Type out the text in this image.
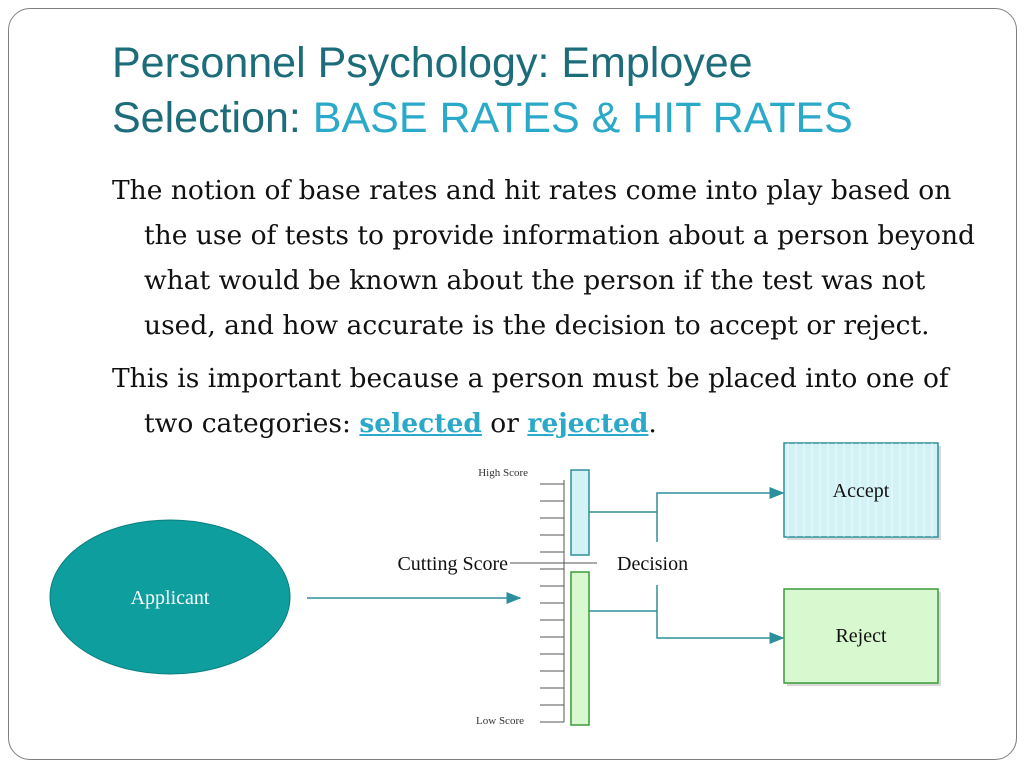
Personnel Psychology: Employee
Selection: BASE RATES & HIT RATES

The notion of base rates and hit rates come into play based on the use of tests to provide information about a person beyond what would be known about the person if the test was not used, and how accurate is the decision to accept or reject.

This is important because a person must be placed into one of two categories: selected or rejected.

Applicant
High Score
Low Score
Cutting Score	Decision
Accept
Reject
